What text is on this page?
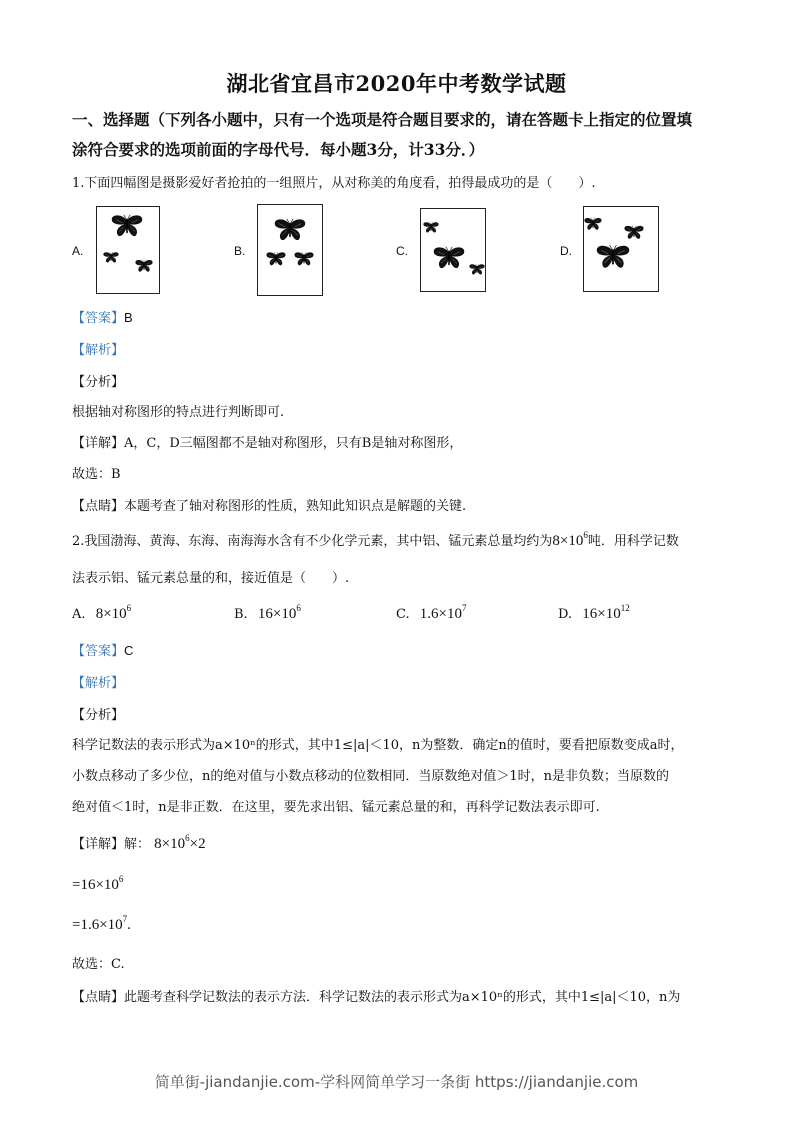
湖北省宜昌市2020年中考数学试题
一、选择题（下列各小题中，只有一个选项是符合题目要求的，请在答题卡上指定的位置填
涂符合要求的选项前面的字母代号．每小题3分，计33分．）
1.下面四幅图是摄影爱好者抢拍的一组照片，从对称美的角度看，拍得最成功的是（　　）.
A.	B.	C.	D.
【答案】B
【解析】
【分析】
根据轴对称图形的特点进行判断即可.
【详解】A，C，D三幅图都不是轴对称图形，只有B是轴对称图形，
故选：B
【点睛】本题考查了轴对称图形的性质，熟知此知识点是解题的关键.
2.我国渤海、黄海、东海、南海海水含有不少化学元素，其中铝、锰元素总量均约为$8\times 10^6$吨．用科学记数
法表示铝、锰元素总量的和，接近值是（　　）.
A. $8\times 10^6$	B. $16\times 10^6$	C. $1.6\times 10^7$	D. $16\times 10^{12}$
【答案】C
【解析】
【分析】
科学记数法的表示形式为a×10ⁿ的形式，其中1≤|a|＜10，n为整数．确定n的值时，要看把原数变成a时，
小数点移动了多少位，n的绝对值与小数点移动的位数相同．当原数绝对值＞1时，n是非负数；当原数的
绝对值＜1时，n是非正数．在这里，要先求出铝、锰元素总量的和，再科学记数法表示即可.
【详解】解： $8\times 10^6\times 2$
$=16\times 10^6$
$=1.6\times 10^7$.
故选：C.
【点睛】此题考查科学记数法的表示方法．科学记数法的表示形式为a×10ⁿ的形式，其中1≤|a|＜10，n为
简单街-jiandanjie.com-学科网简单学习一条街 https://jiandanjie.com
